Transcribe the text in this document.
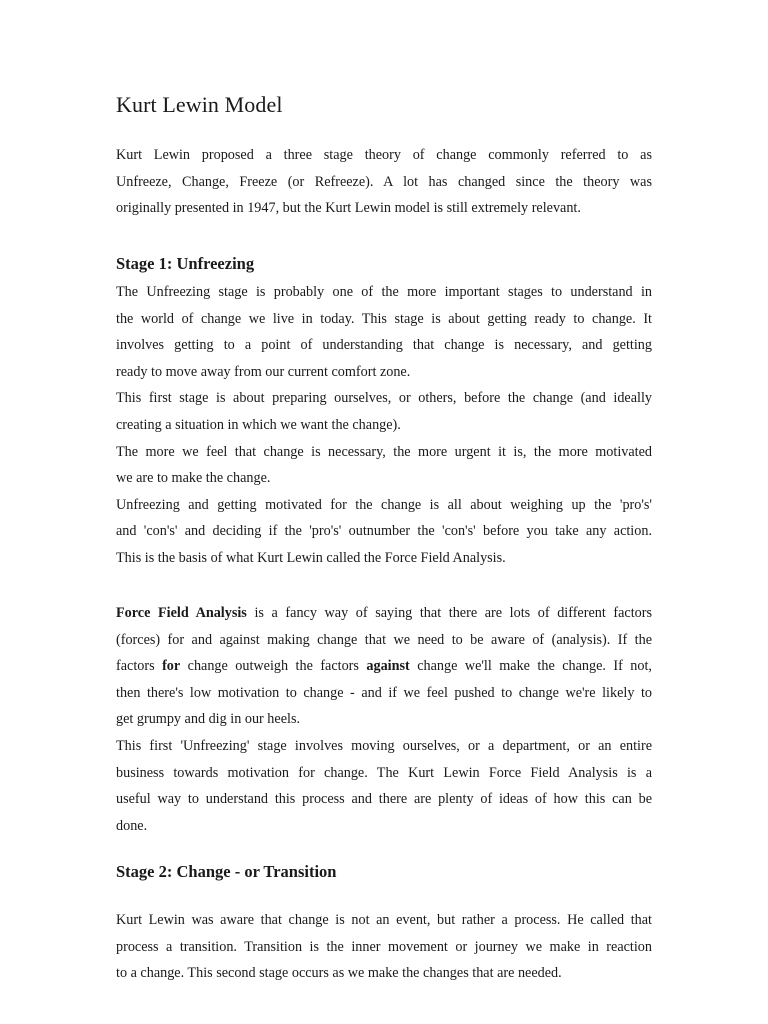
Kurt Lewin Model
Kurt Lewin proposed a three stage theory of change commonly referred to as
Unfreeze, Change, Freeze (or Refreeze). A lot has changed since the theory was
originally presented in 1947, but the Kurt Lewin model is still extremely relevant.
Stage 1: Unfreezing
The Unfreezing stage is probably one of the more important stages to understand in
the world of change we live in today. This stage is about getting ready to change. It
involves getting to a point of understanding that change is necessary, and getting
ready to move away from our current comfort zone.
This first stage is about preparing ourselves, or others, before the change (and ideally
creating a situation in which we want the change).
The more we feel that change is necessary, the more urgent it is, the more motivated
we are to make the change.
Unfreezing and getting motivated for the change is all about weighing up the 'pro's'
and 'con's' and deciding if the 'pro's' outnumber the 'con's' before you take any action.
This is the basis of what Kurt Lewin called the Force Field Analysis.
Force Field Analysis is a fancy way of saying that there are lots of different factors
(forces) for and against making change that we need to be aware of (analysis). If the
factors for change outweigh the factors against change we'll make the change. If not,
then there's low motivation to change - and if we feel pushed to change we're likely to
get grumpy and dig in our heels.
This first 'Unfreezing' stage involves moving ourselves, or a department, or an entire
business towards motivation for change. The Kurt Lewin Force Field Analysis is a
useful way to understand this process and there are plenty of ideas of how this can be
done.
Stage 2: Change - or Transition
Kurt Lewin was aware that change is not an event, but rather a process. He called that
process a transition. Transition is the inner movement or journey we make in reaction
to a change. This second stage occurs as we make the changes that are needed.
